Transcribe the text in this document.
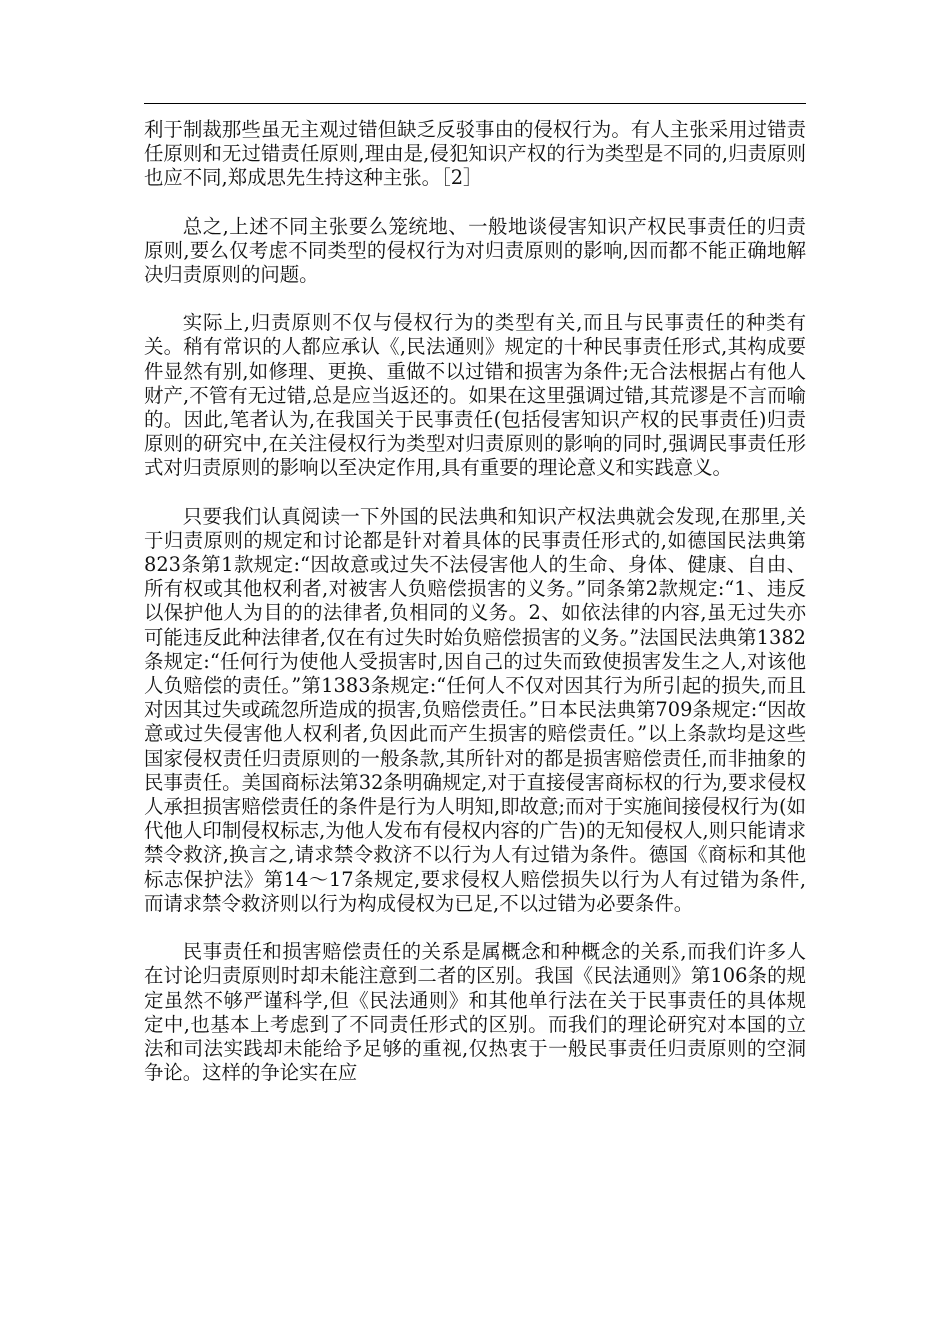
利于制裁那些虽无主观过错但缺乏反驳事由的侵权行为。有人主张采用过错责任原则和无过错责任原则,理由是,侵犯知识产权的行为类型是不同的,归责原则也应不同,郑成思先生持这种主张。［2］

总之,上述不同主张要么笼统地、一般地谈侵害知识产权民事责任的归责原则,要么仅考虑不同类型的侵权行为对归责原则的影响,因而都不能正确地解决归责原则的问题。

实际上,归责原则不仅与侵权行为的类型有关,而且与民事责任的种类有关。稍有常识的人都应承认《,民法通则》规定的十种民事责任形式,其构成要件显然有别,如修理、更换、重做不以过错和损害为条件;无合法根据占有他人财产,不管有无过错,总是应当返还的。如果在这里强调过错,其荒谬是不言而喻的。因此,笔者认为,在我国关于民事责任(包括侵害知识产权的民事责任)归责原则的研究中,在关注侵权行为类型对归责原则的影响的同时,强调民事责任形式对归责原则的影响以至决定作用,具有重要的理论意义和实践意义。

只要我们认真阅读一下外国的民法典和知识产权法典就会发现,在那里,关于归责原则的规定和讨论都是针对着具体的民事责任形式的,如德国民法典第823条第1款规定:“因故意或过失不法侵害他人的生命、身体、健康、自由、所有权或其他权利者,对被害人负赔偿损害的义务。”同条第2款规定:“1、违反以保护他人为目的的法律者,负相同的义务。2、如依法律的内容,虽无过失亦可能违反此种法律者,仅在有过失时始负赔偿损害的义务。”法国民法典第1382条规定:“任何行为使他人受损害时,因自己的过失而致使损害发生之人,对该他人负赔偿的责任。”第1383条规定:“任何人不仅对因其行为所引起的损失,而且对因其过失或疏忽所造成的损害,负赔偿责任。”日本民法典第709条规定:“因故意或过失侵害他人权利者,负因此而产生损害的赔偿责任。”以上条款均是这些国家侵权责任归责原则的一般条款,其所针对的都是损害赔偿责任,而非抽象的民事责任。美国商标法第32条明确规定,对于直接侵害商标权的行为,要求侵权人承担损害赔偿责任的条件是行为人明知,即故意;而对于实施间接侵权行为(如代他人印制侵权标志,为他人发布有侵权内容的广告)的无知侵权人,则只能请求禁令救济,换言之,请求禁令救济不以行为人有过错为条件。德国《商标和其他标志保护法》第14～17条规定,要求侵权人赔偿损失以行为人有过错为条件,而请求禁令救济则以行为构成侵权为已足,不以过错为必要条件。

民事责任和损害赔偿责任的关系是属概念和种概念的关系,而我们许多人在讨论归责原则时却未能注意到二者的区别。我国《民法通则》第106条的规定虽然不够严谨科学,但《民法通则》和其他单行法在关于民事责任的具体规定中,也基本上考虑到了不同责任形式的区别。而我们的理论研究对本国的立法和司法实践却未能给予足够的重视,仅热衷于一般民事责任归责原则的空洞争论。这样的争论实在应
